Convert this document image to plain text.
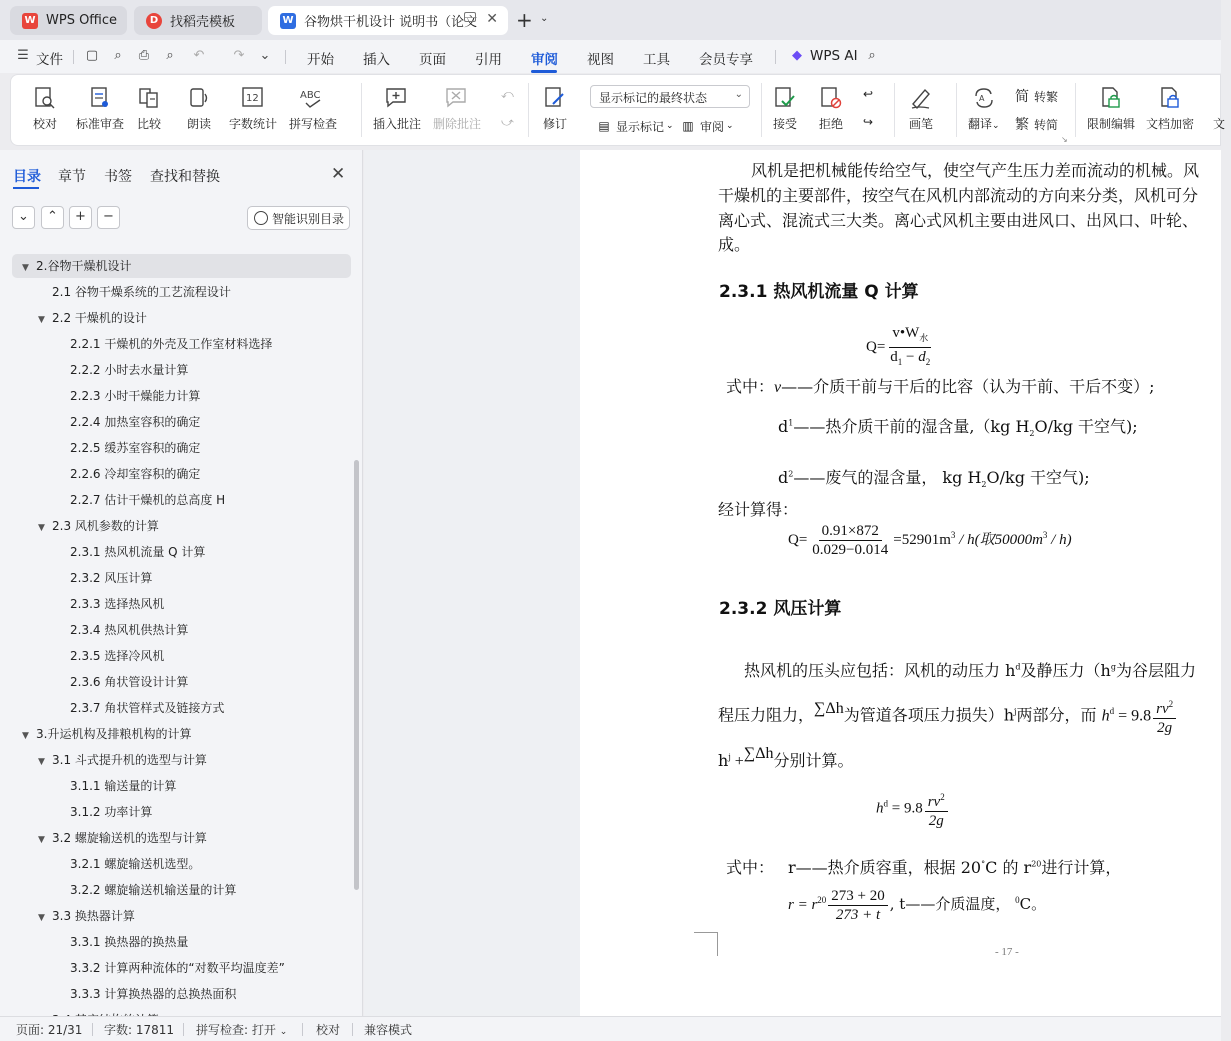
W WPS Office	D 找稻壳模板	W 谷物烘干机设计 说明书（论文 ✕ + ⌄
☰ 文件 ▢ ⌕ ⎙ ⌕ ↶ ↷ ⌄	开始 插入 页面 引用 审阅 视图 工具 会员专享	◆ WPS AI ⌕
校对 标准审查 比较 朗读
12
字数统计
ABC
拼写检查	插入批注 删除批注
⤺
⤻ 修订
显示标记的最终状态	⌄
▤ 显示标记 ⌄ ▥ 审阅 ⌄	接受 拒绝
↩
↪	画笔
A
翻译⌄
简 转繁
繁 转简
↘
限制编辑 文档加密 文
目录 章节 书签 查找和替换	✕
⌄	⌃	+	−	智能识别目录
▼ 2.谷物干燥机设计
2.1 谷物干燥系统的工艺流程设计
▼ 2.2 干燥机的设计
2.2.1 干燥机的外壳及工作室材料选择
2.2.2 小时去水量计算
2.2.3 小时干燥能力计算
2.2.4 加热室容积的确定
2.2.5 缓苏室容积的确定
2.2.6 冷却室容积的确定
2.2.7 估计干燥机的总高度 H
▼ 2.3 风机参数的计算
2.3.1 热风机流量 Q 计算
2.3.2 风压计算
2.3.3 选择热风机
2.3.4 热风机供热计算
2.3.5 选择冷风机
2.3.6 角状管设计计算
2.3.7 角状管样式及链接方式
▼ 3.升运机构及排粮机构的计算
▼ 3.1 斗式提升机的选型与计算
3.1.1 输送量的计算
3.1.2 功率计算
▼ 3.2 螺旋输送机的选型与计算
3.2.1 螺旋输送机选型。
3.2.2 螺旋输送机输送量的计算
▼ 3.3 换热器计算
3.3.1 换热器的换热量
3.3.2 计算两种流体的“对数平均温度差”
3.3.3 计算换热器的总换热面积
风机是把机械能传给空气，使空气产生压力差而流动的机械。风
干燥机的主要部件，按空气在风机内部流动的方向来分类，风机可分
离心式、混流式三大类。离心式风机主要由进风口、出风口、叶轮、
成。
2.3.1 热风机流量 Q 计算
$Q= \frac{v•W_水}{d_1 - d_2}$
式中：ν——介质干前与干后的比容（认为干前、干后不变）;
$d^1——$热介质干前的湿含量,（kg $H_2O/kg$ 干空气);
$d^2——$废气的湿含量， kg $H_2O/kg$ 干空气);
经计算得：
$Q= \frac{0.91\times 872}{0.029-0.014} =52901m^3 / h$(取$50000m^3 / h$)
2.3.2 风压计算
热风机的压头应包括：风机的动压力 $h^d$及静压力（$h^g$为谷层阻力
程压力阻力，∑Δh为管道各项压力损失）$h^j$两部分，而 $h^d = 9.8 \frac{rv^2}{2g}$
$h^j +\sum\Delta h$分别计算。
$h^d = 9.8 \frac{rv^2}{2g}$
式中： r——热介质容重，根据 20°C 的 $r^{20}$进行计算，
$r = r^{20} \frac{273 + 20}{273 + t}$ , t——介质温度， $^0$C。
- 17 -
页面: 21/31 字数: 17811 拼写检查: 打开 ⌄ 校对 兼容模式
